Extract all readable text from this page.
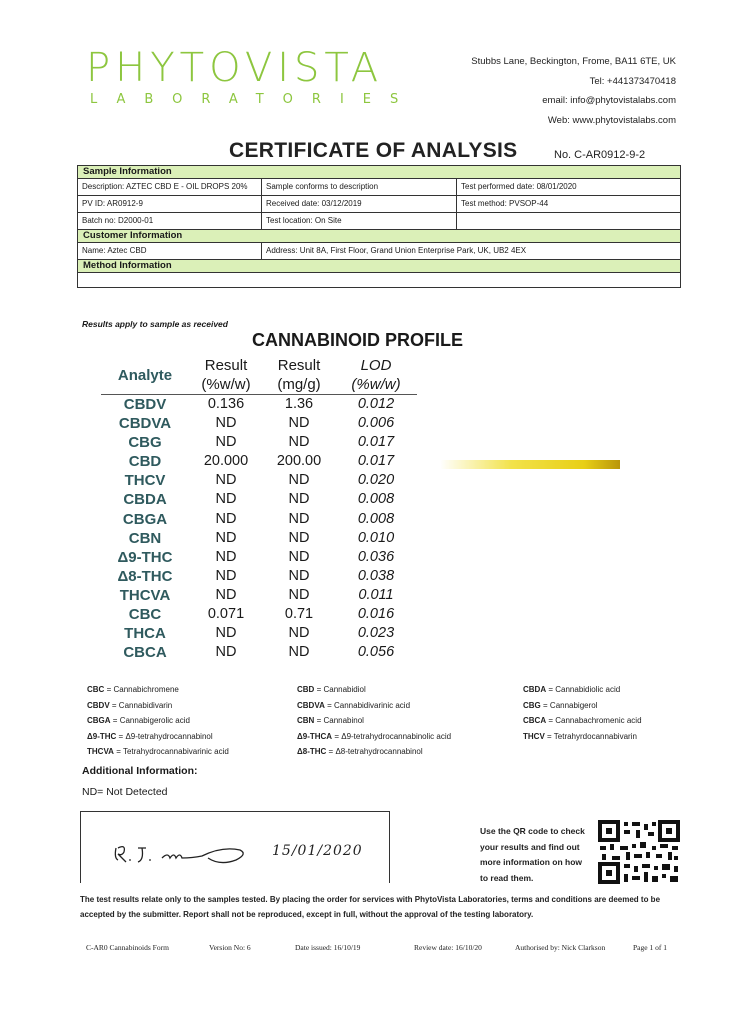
PHYTOVISTA
LABORATORIES
Stubbs Lane, Beckington, Frome, BA11 6TE, UK
Tel: +441373470418
email: info@phytovistalabs.com
Web: www.phytovistalabs.com
CERTIFICATE OF ANALYSIS	No. C-AR0912-9-2
Sample Information
Description: AZTEC CBD E - OIL DROPS 20%	Sample conforms to description	Test performed date: 08/01/2020
PV ID: AR0912-9	Received date: 03/12/2019	Test method: PVSOP-44
Batch no: D2000-01	Test location: On Site
Customer Information
Name: Aztec CBD	Address: Unit 8A, First Floor, Grand Union Enterprise Park, UK, UB2 4EX
Method Information
Results apply to sample as received
CANNABINOID PROFILE
Analyte	Result	Result	LOD
	(%w/w)	(mg/g)	(%w/w)
CBDV	0.136	1.36	0.012
CBDVA	ND	ND	0.006
CBG	ND	ND	0.017
CBD	20.000	200.00	0.017
THCV	ND	ND	0.020
CBDA	ND	ND	0.008
CBGA	ND	ND	0.008
CBN	ND	ND	0.010
Δ9-THC	ND	ND	0.036
Δ8-THC	ND	ND	0.038
THCVA	ND	ND	0.011
CBC	0.071	0.71	0.016
THCA	ND	ND	0.023
CBCA	ND	ND	0.056
CBC = Cannabichromene
CBDV = Cannabidivarin
CBGA = Cannabigerolic acid
Δ9-THC = Δ9-tetrahydrocannabinol
THCVA = Tetrahydrocannabivarinic acid
CBD = Cannabidiol
CBDVA = Cannabidivarinic acid
CBN = Cannabinol
Δ9-THCA = Δ9-tetrahydrocannabinolic acid
Δ8-THC = Δ8-tetrahydrocannabinol
CBDA = Cannabidiolic acid
CBG = Cannabigerol
CBCA = Cannabachromenic acid
THCV = Tetrahyrdocannabivarin
Additional Information:
ND= Not Detected
15/01/2020
Use the QR code to check
your results and find out
more information on how
to read them.
The test results relate only to the samples tested. By placing the order for services with PhytoVista Laboratories, terms and conditions are deemed to be accepted by the submitter. Report shall not be reproduced, except in full, without the approval of the testing laboratory.
C-AR0 Cannabinoids Form	Version No: 6	Date issued: 16/10/19	Review date: 16/10/20	Authorised by: Nick Clarkson	Page 1 of 1
